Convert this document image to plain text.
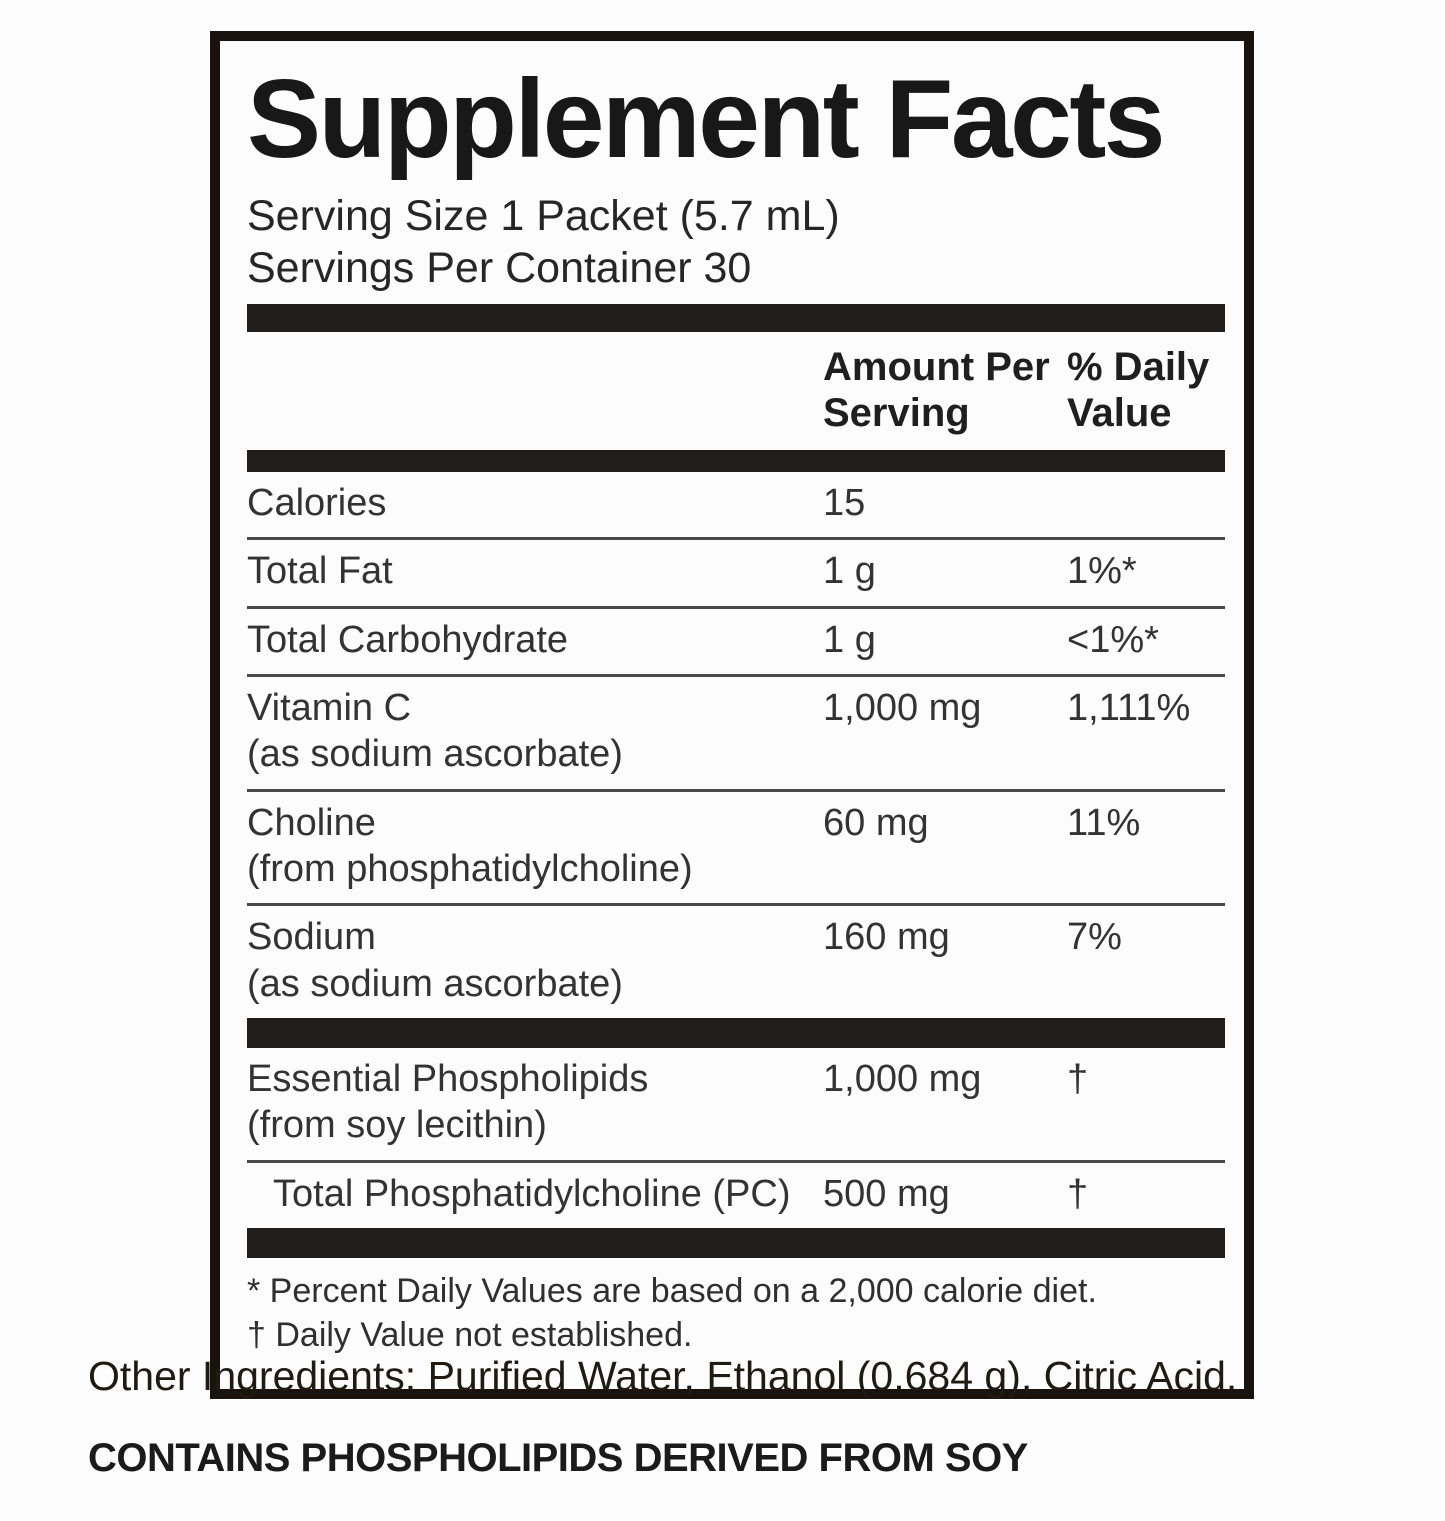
Supplement Facts
Serving Size 1 Packet (5.7 mL)
Servings Per Container 30
Amount Per Serving
% Daily Value
Calories	15
Total Fat	1 g	1%*
Total Carbohydrate	1 g	<1%*
Vitamin C
(as sodium ascorbate)
1,000 mg	1,111%
Choline
(from phosphatidylcholine)
60 mg	11%
Sodium
(as sodium ascorbate)
160 mg	7%
Essential Phospholipids
(from soy lecithin)
1,000 mg	†
Total Phosphatidylcholine (PC) 500 mg	†
* Percent Daily Values are based on a 2,000 calorie diet.
† Daily Value not established.
Other Ingredients: Purified Water, Ethanol (0.684 g), Citric Acid.
CONTAINS PHOSPHOLIPIDS DERIVED FROM SOY
